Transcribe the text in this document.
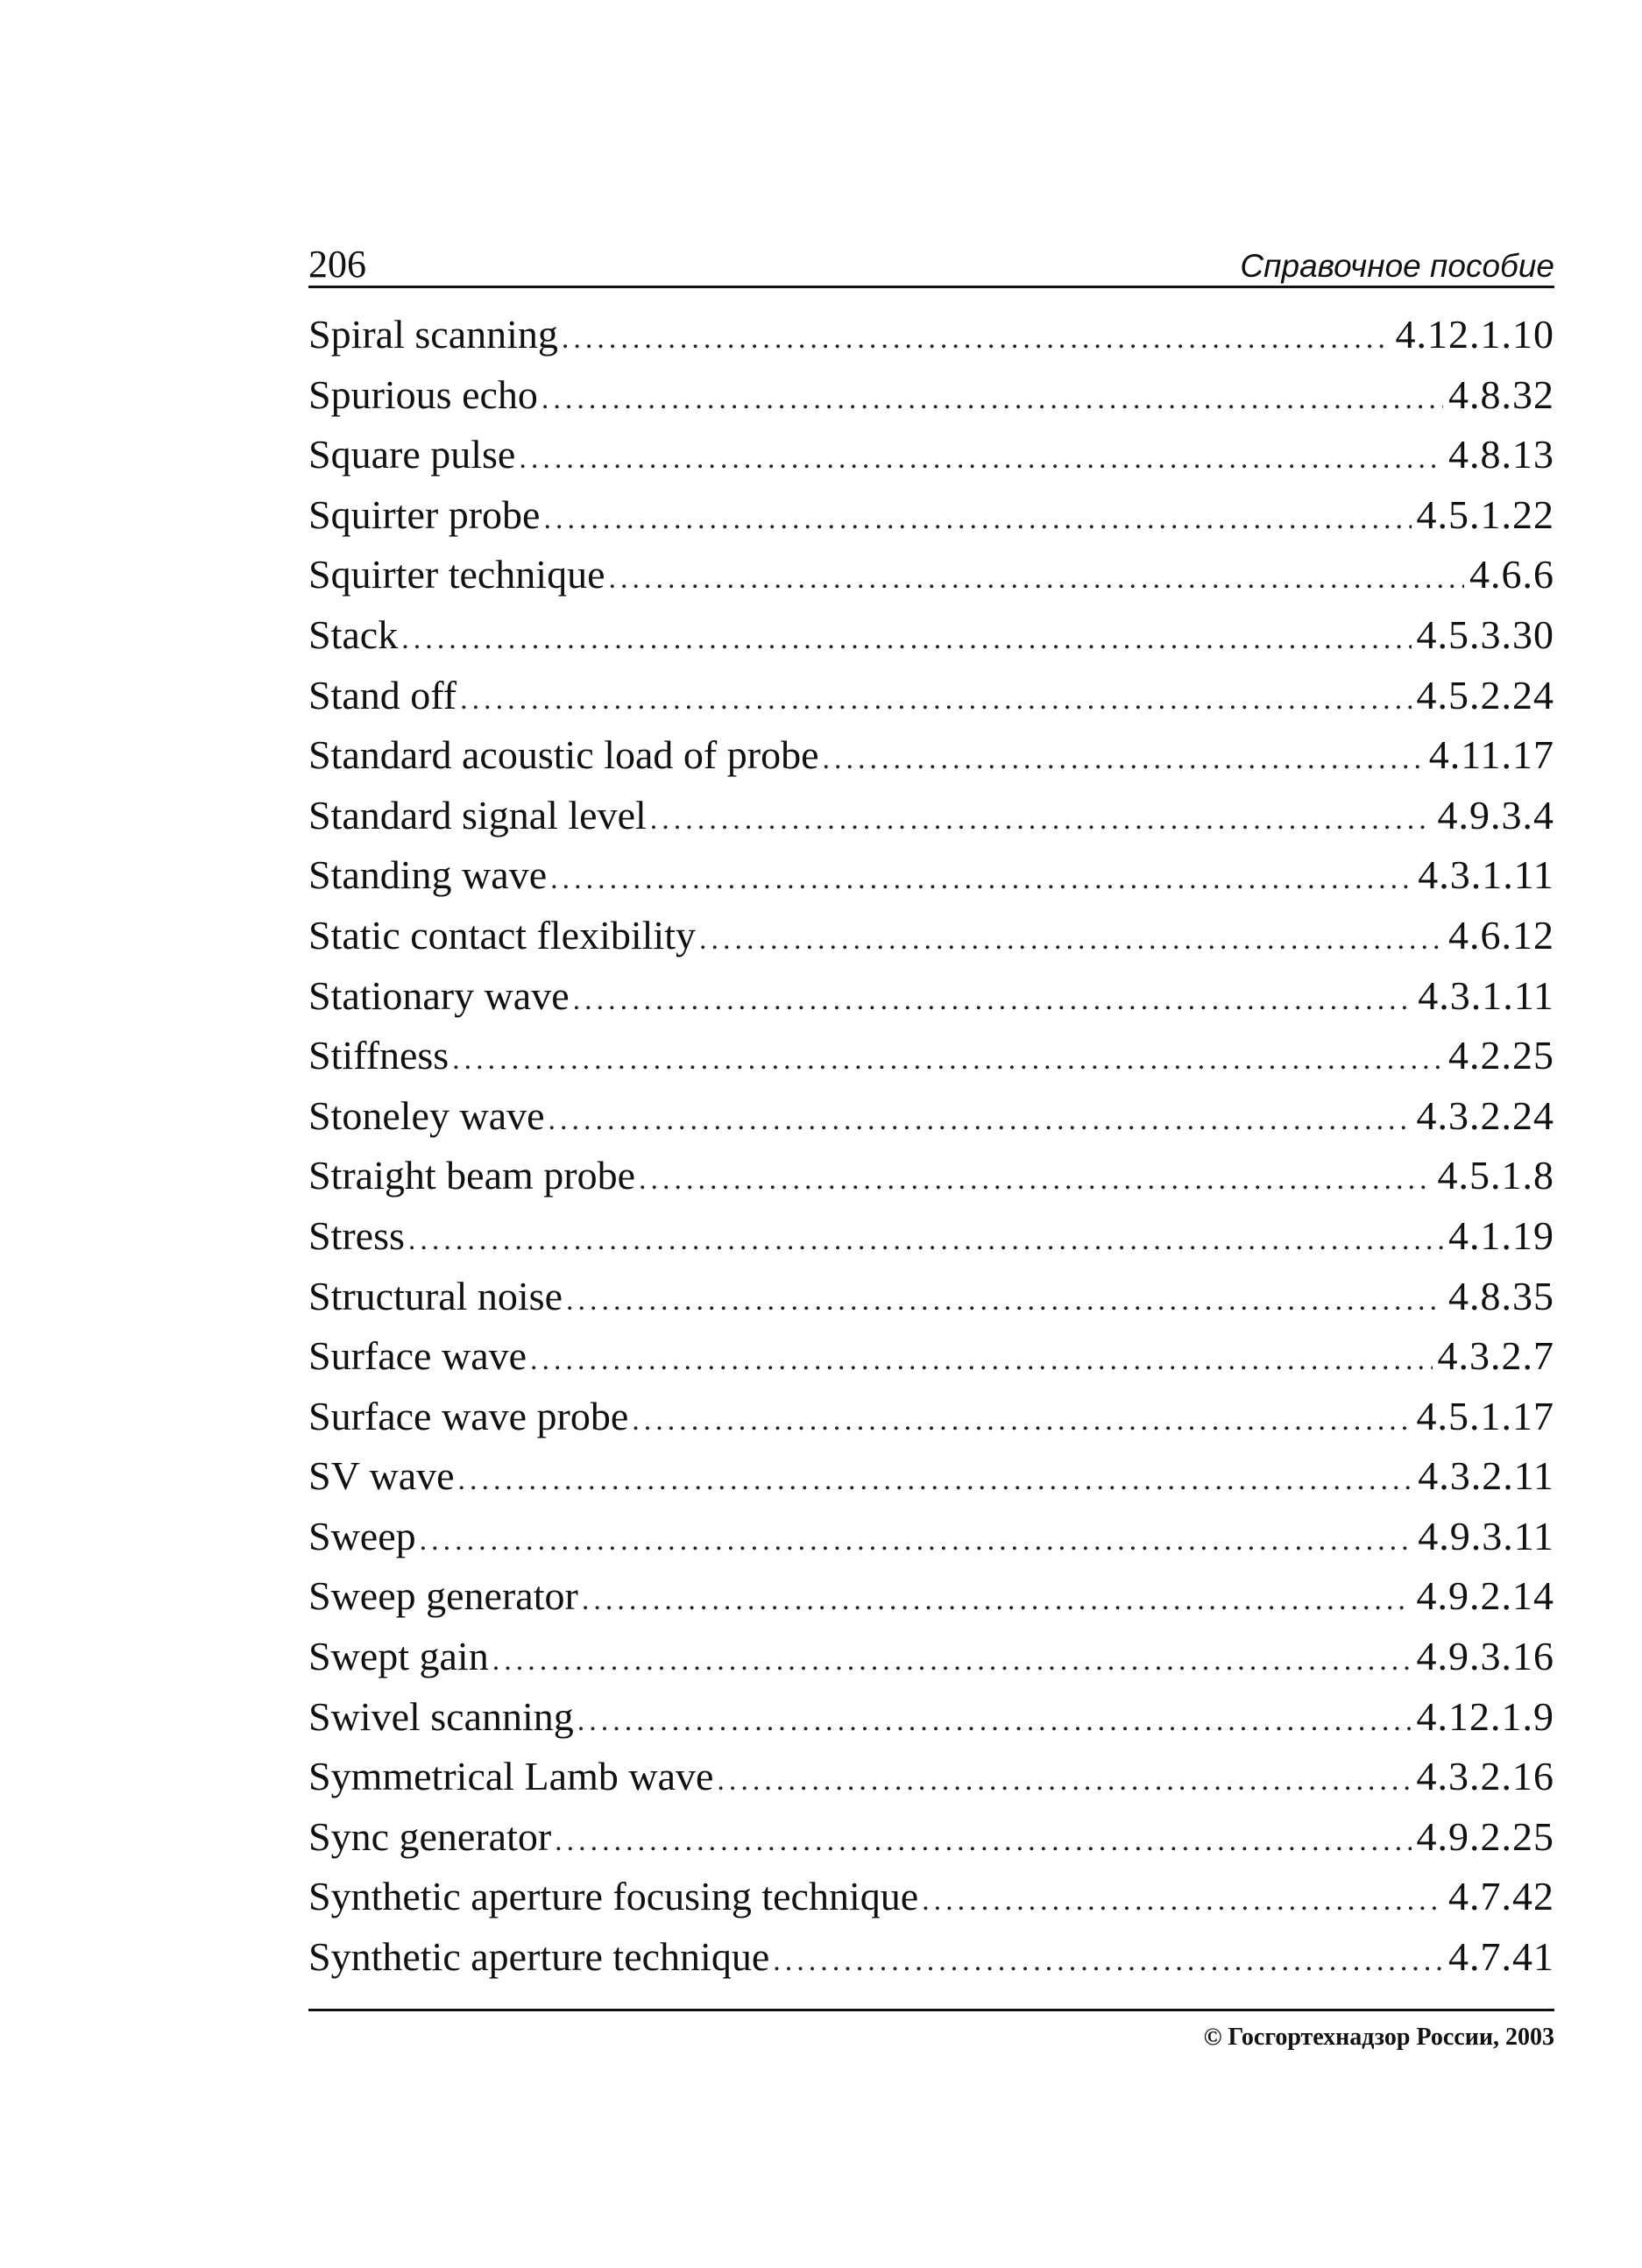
206	Справочное пособие
Spiral scanning .....	4.12.1.10
Spurious echo .....	4.8.32
Square pulse .....	4.8.13
Squirter probe .....	4.5.1.22
Squirter technique .....	4.6.6
Stack .....	4.5.3.30
Stand off .....	4.5.2.24
Standard acoustic load of probe .....	4.11.17
Standard signal level .....	4.9.3.4
Standing wave .....	4.3.1.11
Static contact flexibility .....	4.6.12
Stationary wave .....	4.3.1.11
Stiffness .....	4.2.25
Stoneley wave .....	4.3.2.24
Straight beam probe .....	4.5.1.8
Stress .....	4.1.19
Structural noise .....	4.8.35
Surface wave .....	4.3.2.7
Surface wave probe .....	4.5.1.17
SV wave .....	4.3.2.11
Sweep .....	4.9.3.11
Sweep generator .....	4.9.2.14
Swept gain .....	4.9.3.16
Swivel scanning .....	4.12.1.9
Symmetrical Lamb wave .....	4.3.2.16
Sync generator .....	4.9.2.25
Synthetic aperture focusing technique .....	4.7.42
Synthetic aperture technique .....	4.7.41
© Госгортехнадзор России, 2003
